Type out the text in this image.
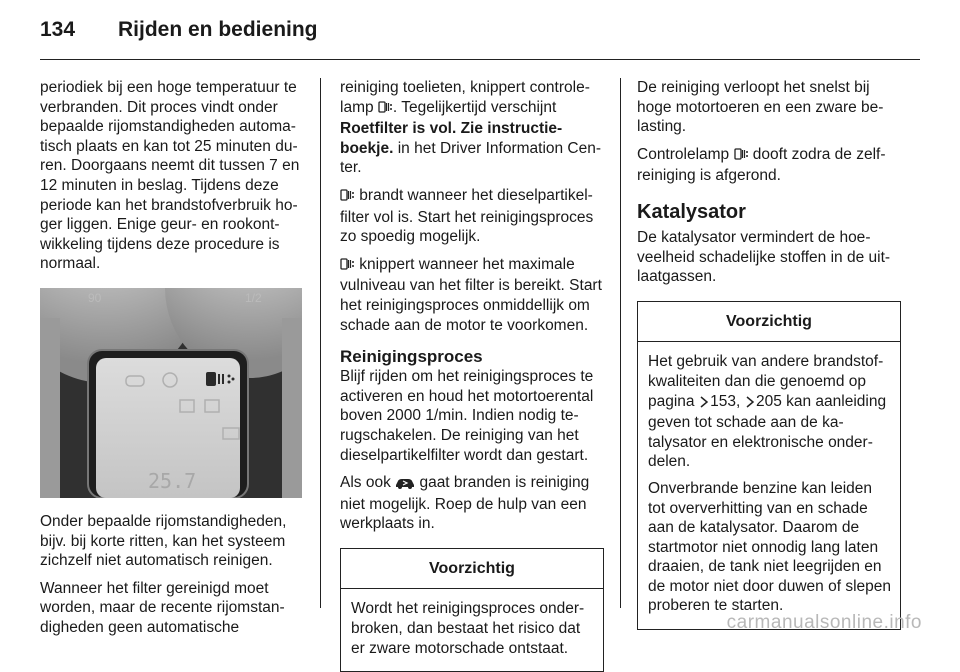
134	Rijden en bediening

periodiek bij een hoge temperatuur te verbranden. Dit proces vindt onder bepaalde rijomstandigheden automatisch plaats en kan tot 25 minuten duren. Doorgaans neemt dit tussen 7 en 12 minuten in beslag. Tijdens deze periode kan het brandstofverbruik hoger liggen. Enige geur- en rookontwikkeling tijdens deze procedure is normaal.

90	1/2
25.7

Onder bepaalde rijomstandigheden, bijv. bij korte ritten, kan het systeem zichzelf niet automatisch reinigen.

Wanneer het filter gereinigd moet worden, maar de recente rijomstandigheden geen automatische

reiniging toelieten, knippert controlelamp . Tegelijkertijd verschijnt Roetfilter is vol. Zie instructieboekje. in het Driver Information Center.

brandt wanneer het dieselpartikelfilter vol is. Start het reinigingsproces zo spoedig mogelijk.

knippert wanneer het maximale vulniveau van het filter is bereikt. Start het reinigingsproces onmiddellijk om schade aan de motor te voorkomen.

Reinigingsproces

Blijf rijden om het reinigingsproces te activeren en houd het motortoerental boven 2000 1/min. Indien nodig terugschakelen. De reiniging van het dieselpartikelfilter wordt dan gestart.

Als ook  gaat branden is reiniging niet mogelijk. Roep de hulp van een werkplaats in.

Voorzichtig

Wordt het reinigingsproces onderbroken, dan bestaat het risico dat er zware motorschade ontstaat.

De reiniging verloopt het snelst bij hoge motortoeren en een zware belasting.

Controlelamp  dooft zodra de zelfreiniging is afgerond.

Katalysator

De katalysator vermindert de hoeveelheid schadelijke stoffen in de uitlaatgassen.

Voorzichtig

Het gebruik van andere brandstofkwaliteiten dan die genoemd op pagina  153,  205 kan aanleiding geven tot schade aan de katalysator en elektronische onderdelen.

Onverbrande benzine kan leiden tot oververhitting van en schade aan de katalysator. Daarom de startmotor niet onnodig lang laten draaien, de tank niet leegrijden en de motor niet door duwen of slepen proberen te starten.

carmanualsonline.info
